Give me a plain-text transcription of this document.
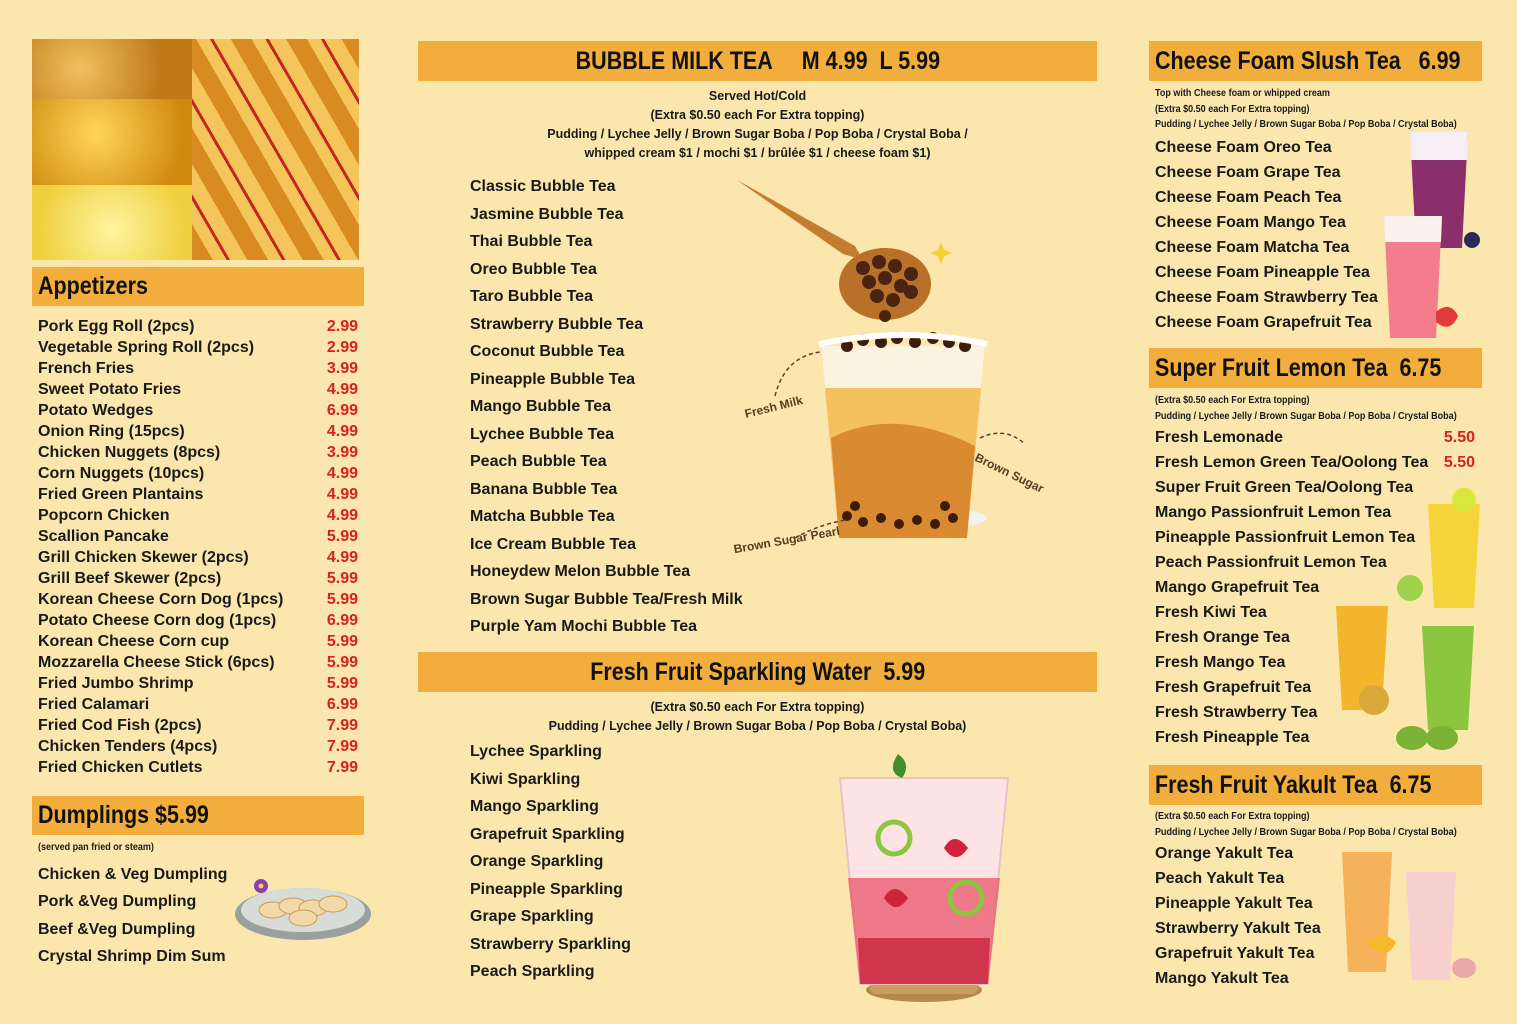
Appetizers
Pork Egg Roll (2pcs)	2.99
Vegetable Spring Roll (2pcs)	2.99
French Fries	3.99
Sweet Potato Fries	4.99
Potato Wedges	6.99
Onion Ring (15pcs)	4.99
Chicken Nuggets (8pcs)	3.99
Corn Nuggets (10pcs)	4.99
Fried Green Plantains	4.99
Popcorn Chicken	4.99
Scallion Pancake	5.99
Grill Chicken Skewer (2pcs)	4.99
Grill Beef Skewer (2pcs)	5.99
Korean Cheese Corn Dog (1pcs)	5.99
Potato Cheese Corn dog (1pcs)	6.99
Korean Cheese Corn cup	5.99
Mozzarella Cheese Stick (6pcs)	5.99
Fried Jumbo Shrimp	5.99
Fried Calamari	6.99
Fried Cod Fish (2pcs)	7.99
Chicken Tenders (4pcs)	7.99
Fried Chicken Cutlets	7.99
Dumplings $5.99
(served pan fried or steam)
Chicken & Veg Dumpling
Pork &Veg Dumpling
Beef &Veg Dumpling
Crystal Shrimp Dim Sum
BUBBLE MILK TEA     M 4.99  L 5.99
Served Hot/Cold
(Extra $0.50 each For Extra topping)
Pudding / Lychee Jelly / Brown Sugar Boba / Pop Boba / Crystal Boba /
whipped cream $1 / mochi $1 / brûlée $1 / cheese foam $1)
Classic Bubble Tea
Jasmine Bubble Tea
Thai Bubble Tea
Oreo Bubble Tea
Taro Bubble Tea
Strawberry Bubble Tea
Coconut Bubble Tea
Pineapple Bubble Tea
Mango Bubble Tea
Lychee Bubble Tea
Peach Bubble Tea
Banana Bubble Tea
Matcha Bubble Tea
Ice Cream Bubble Tea
Honeydew Melon Bubble Tea
Brown Sugar Bubble Tea/Fresh Milk
Purple Yam Mochi Bubble Tea
Fresh Milk
Brown Sugar
Brown Sugar Pearl
Fresh Fruit Sparkling Water  5.99
(Extra $0.50 each For Extra topping)
Pudding / Lychee Jelly / Brown Sugar Boba / Pop Boba / Crystal Boba)
Lychee Sparkling
Kiwi Sparkling
Mango Sparkling
Grapefruit Sparkling
Orange Sparkling
Pineapple Sparkling
Grape Sparkling
Strawberry Sparkling
Peach Sparkling
Cheese Foam Slush Tea   6.99
Top with Cheese foam or whipped cream
(Extra $0.50 each For Extra topping)
Pudding / Lychee Jelly / Brown Sugar Boba / Pop Boba / Crystal Boba)
Cheese Foam Oreo Tea
Cheese Foam Grape Tea
Cheese Foam Peach Tea
Cheese Foam Mango Tea
Cheese Foam Matcha Tea
Cheese Foam Pineapple Tea
Cheese Foam Strawberry Tea
Cheese Foam Grapefruit Tea
Super Fruit Lemon Tea  6.75
(Extra $0.50 each For Extra topping)
Pudding / Lychee Jelly / Brown Sugar Boba / Pop Boba / Crystal Boba)
Fresh Lemonade	5.50
Fresh Lemon Green Tea/Oolong Tea 5.50
Super Fruit Green Tea/Oolong Tea
Mango Passionfruit Lemon Tea
Pineapple Passionfruit Lemon Tea
Peach Passionfruit Lemon Tea
Mango Grapefruit Tea
Fresh Kiwi Tea
Fresh Orange Tea
Fresh Mango Tea
Fresh Grapefruit Tea
Fresh Strawberry Tea
Fresh Pineapple Tea
Fresh Fruit Yakult Tea  6.75
(Extra $0.50 each For Extra topping)
Pudding / Lychee Jelly / Brown Sugar Boba / Pop Boba / Crystal Boba)
Orange Yakult Tea
Peach Yakult Tea
Pineapple Yakult Tea
Strawberry Yakult Tea
Grapefruit Yakult Tea
Mango Yakult Tea
